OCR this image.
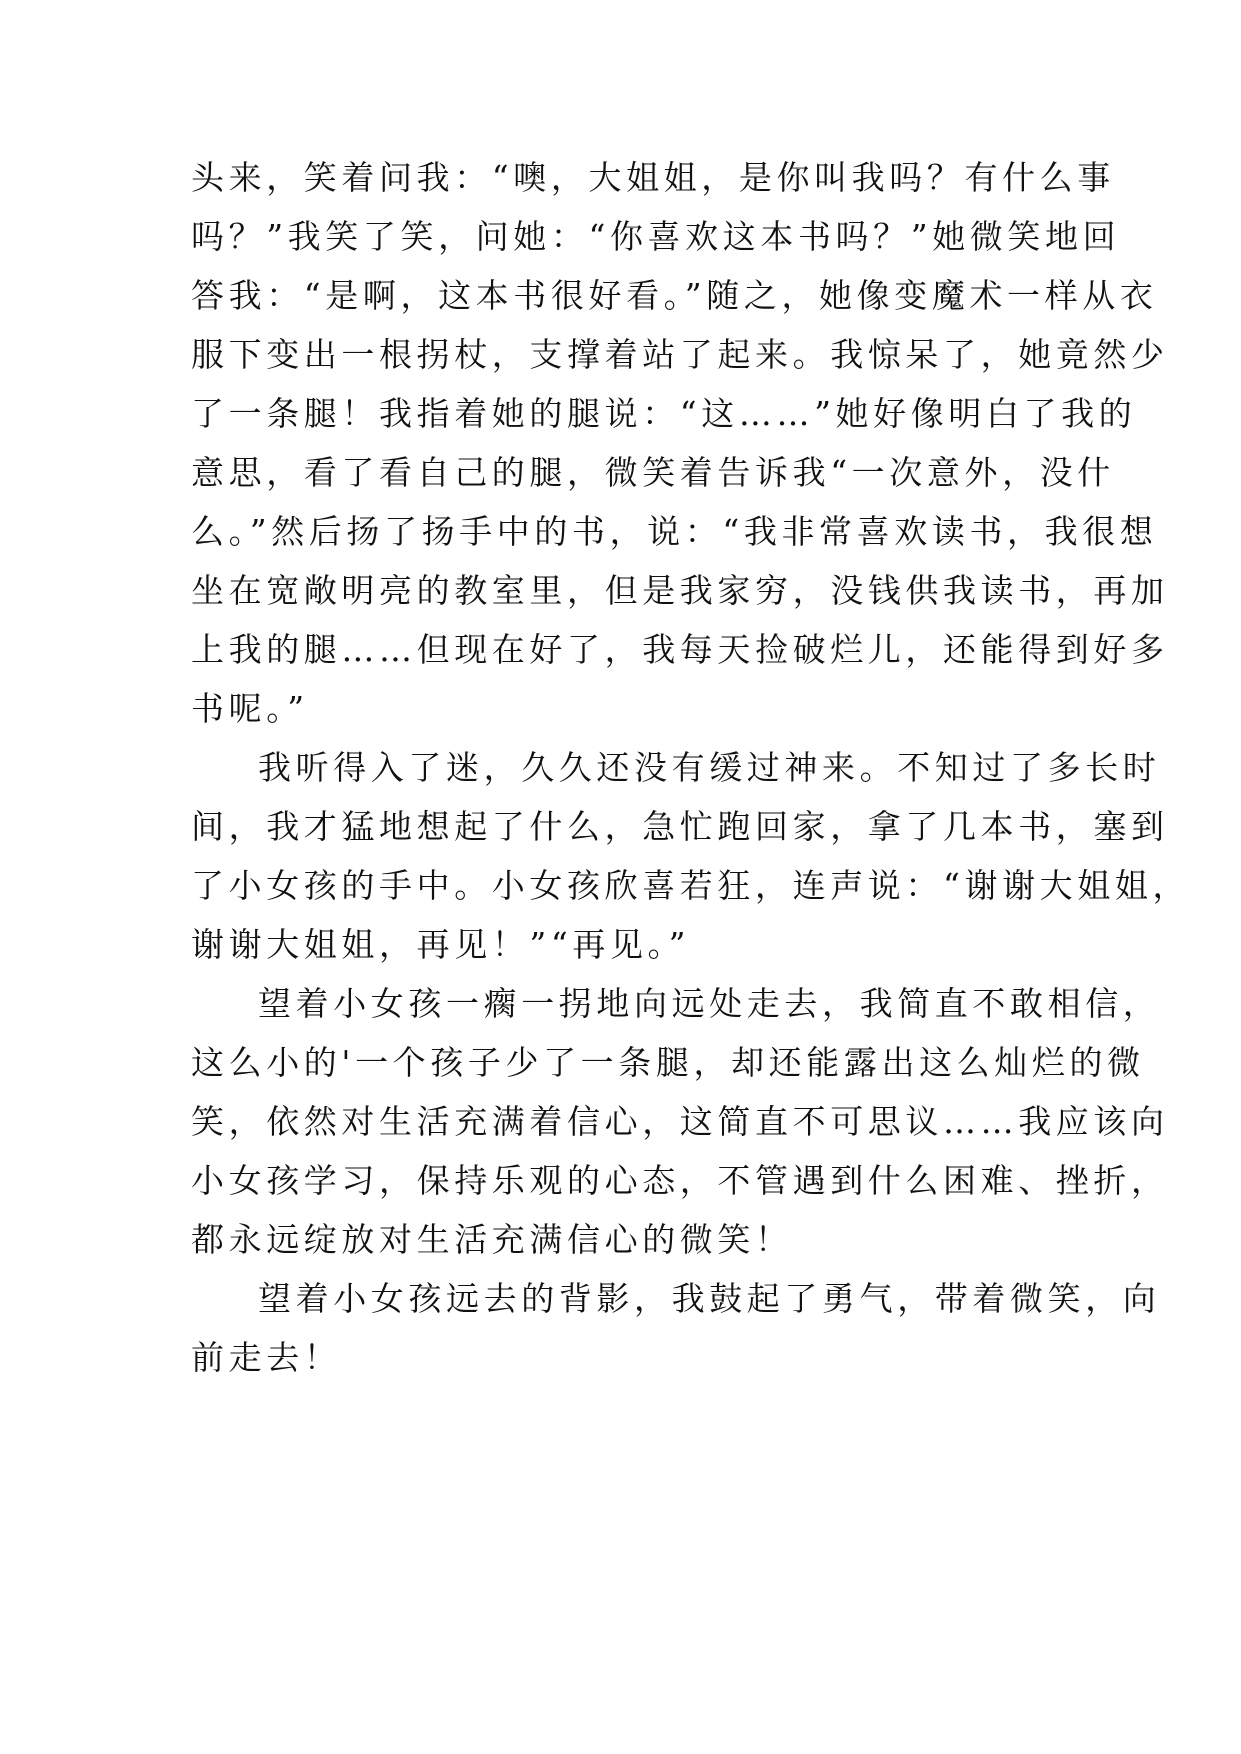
头来，笑着问我：“噢，大姐姐，是你叫我吗？有什么事
吗？”我笑了笑，问她：“你喜欢这本书吗？”她微笑地回
答我：“是啊，这本书很好看。”随之，她像变魔术一样从衣
服下变出一根拐杖，支撑着站了起来。我惊呆了，她竟然少
了一条腿！我指着她的腿说：“这……”她好像明白了我的
意思，看了看自己的腿，微笑着告诉我“一次意外，没什
么。”然后扬了扬手中的书，说：“我非常喜欢读书，我很想
坐在宽敞明亮的教室里，但是我家穷，没钱供我读书，再加
上我的腿……但现在好了，我每天捡破烂儿，还能得到好多
书呢。”
我听得入了迷，久久还没有缓过神来。不知过了多长时
间，我才猛地想起了什么，急忙跑回家，拿了几本书，塞到
了小女孩的手中。小女孩欣喜若狂，连声说：“谢谢大姐姐，
谢谢大姐姐，再见！”“再见。”
望着小女孩一瘸一拐地向远处走去，我简直不敢相信，
这么小的'一个孩子少了一条腿，却还能露出这么灿烂的微
笑，依然对生活充满着信心，这简直不可思议……我应该向
小女孩学习，保持乐观的心态，不管遇到什么困难、挫折，
都永远绽放对生活充满信心的微笑！
望着小女孩远去的背影，我鼓起了勇气，带着微笑，向
前走去！
